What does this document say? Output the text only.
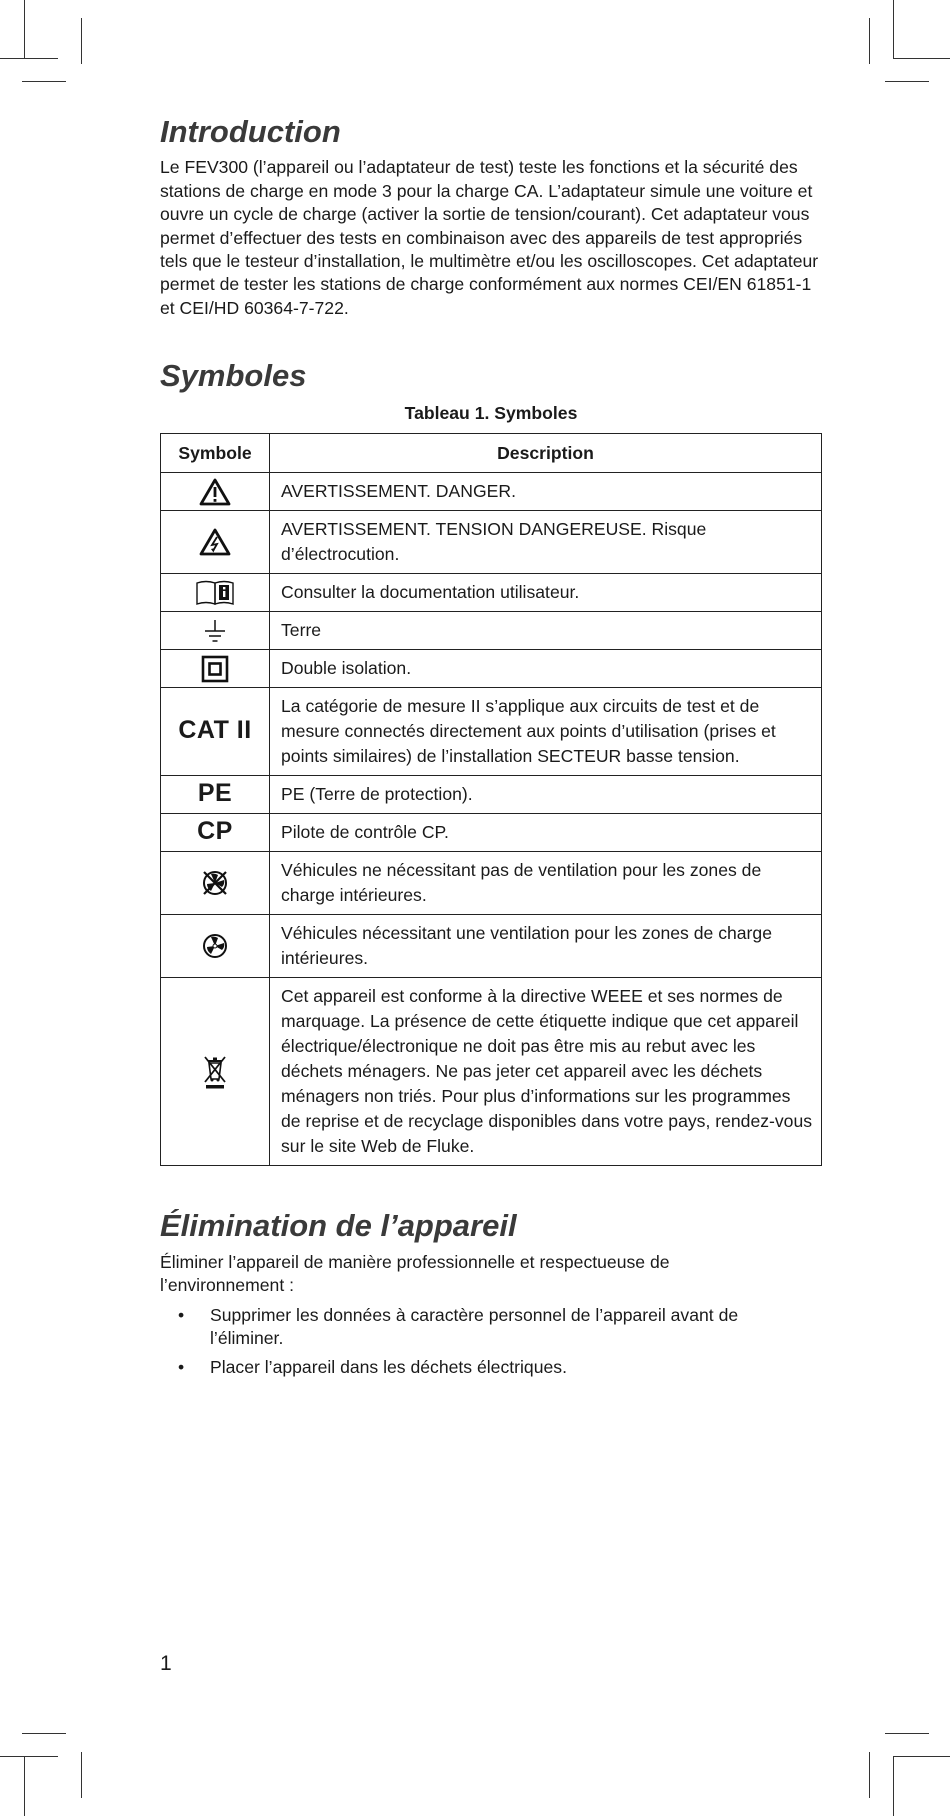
Introduction

Le FEV300 (l’appareil ou l’adaptateur de test) teste les fonctions et la sécurité des stations de charge en mode 3 pour la charge CA. L’adaptateur simule une voiture et ouvre un cycle de charge (activer la sortie de tension/courant). Cet adaptateur vous permet d’effectuer des tests en combinaison avec des appareils de test appropriés tels que le testeur d’installation, le multimètre et/ou les oscilloscopes. Cet adaptateur permet de tester les stations de charge conformément aux normes CEI/EN 61851-1 et CEI/HD 60364-7-722.

Symboles
Tableau 1. Symboles
Symbole	Description

	AVERTISSEMENT. DANGER.

	AVERTISSEMENT. TENSION DANGEREUSE. Risque d’électrocution.

	Consulter la documentation utilisateur.

	Terre

	Double isolation.
CAT II	La catégorie de mesure II s’applique aux circuits de test et de mesure connectés directement aux points d’utilisation (prises et points similaires) de l’installation SECTEUR basse tension.
PE	PE (Terre de protection).
CP	Pilote de contrôle CP.

	Véhicules ne nécessitant pas de ventilation pour les zones de charge intérieures.

	Véhicules nécessitant une ventilation pour les zones de charge intérieures.

	Cet appareil est conforme à la directive WEEE et ses normes de marquage. La présence de cette étiquette indique que cet appareil électrique/électronique ne doit pas être mis au rebut avec les déchets ménagers. Ne pas jeter cet appareil avec les déchets ménagers non triés. Pour plus d’informations sur les programmes de reprise et de recyclage disponibles dans votre pays, rendez-vous sur le site Web de Fluke.
Élimination de l’appareil

Éliminer l’appareil de manière professionnelle et respectueuse de l’environnement :

• Supprimer les données à caractère personnel de l’appareil avant de l’éliminer.
• Placer l’appareil dans les déchets électriques.
1
